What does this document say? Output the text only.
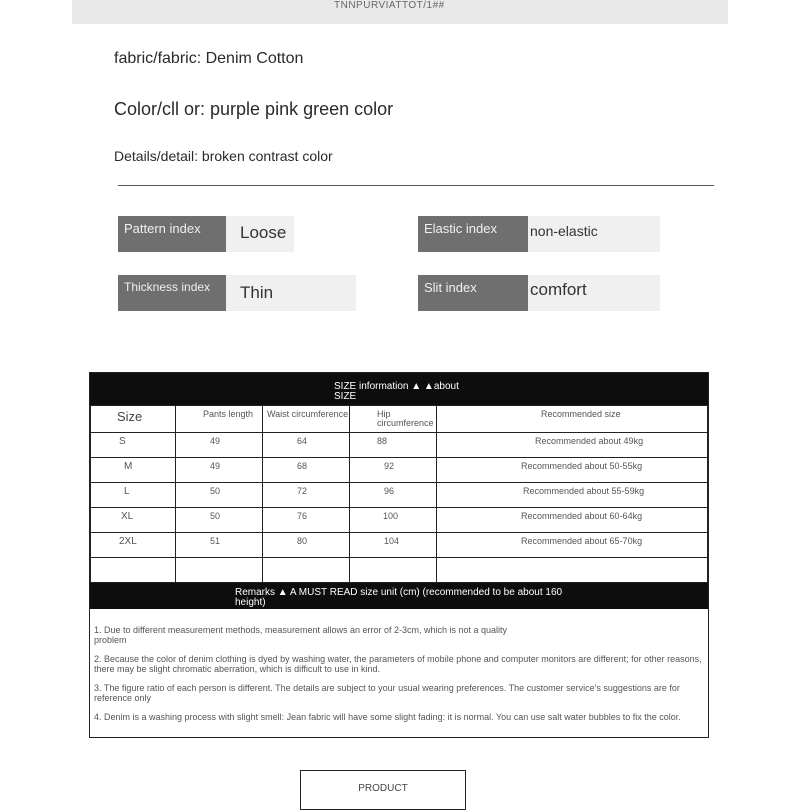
TNNPURVIATTOT/1##
fabric/fabric: Denim Cotton
Color/cll or: purple pink green color
Details/detail: broken contrast color
Pattern index	Loose	Elastic index	non-elastic
Thickness index	Thin	Slit index	comfort
SIZE information ▲ ▲about SIZE
Size	Pants length	Waist circumference	Hip circumference	Recommended size
S	49	64	88	Recommended about 49kg
M	49	68	92	Recommended about 50-55kg
L	50	72	96	Recommended about 55-59kg
XL	50	76	100	Recommended about 60-64kg
2XL	51	80	104	Recommended about 65-70kg

Remarks ▲ A MUST READ size unit (cm) (recommended to be about 160 height)

1. Due to different measurement methods, measurement allows an error of 2-3cm, which is not a quality problem

2. Because the color of denim clothing is dyed by washing water, the parameters of mobile phone and computer monitors are different; for other reasons, there may be slight chromatic aberration, which is difficult to use in kind.

3. The figure ratio of each person is different. The details are subject to your usual wearing preferences. The customer service's suggestions are for reference only

4. Denim is a washing process with slight smell: Jean fabric will have some slight fading: it is normal. You can use salt water bubbles to fix the color.

PRODUCT
